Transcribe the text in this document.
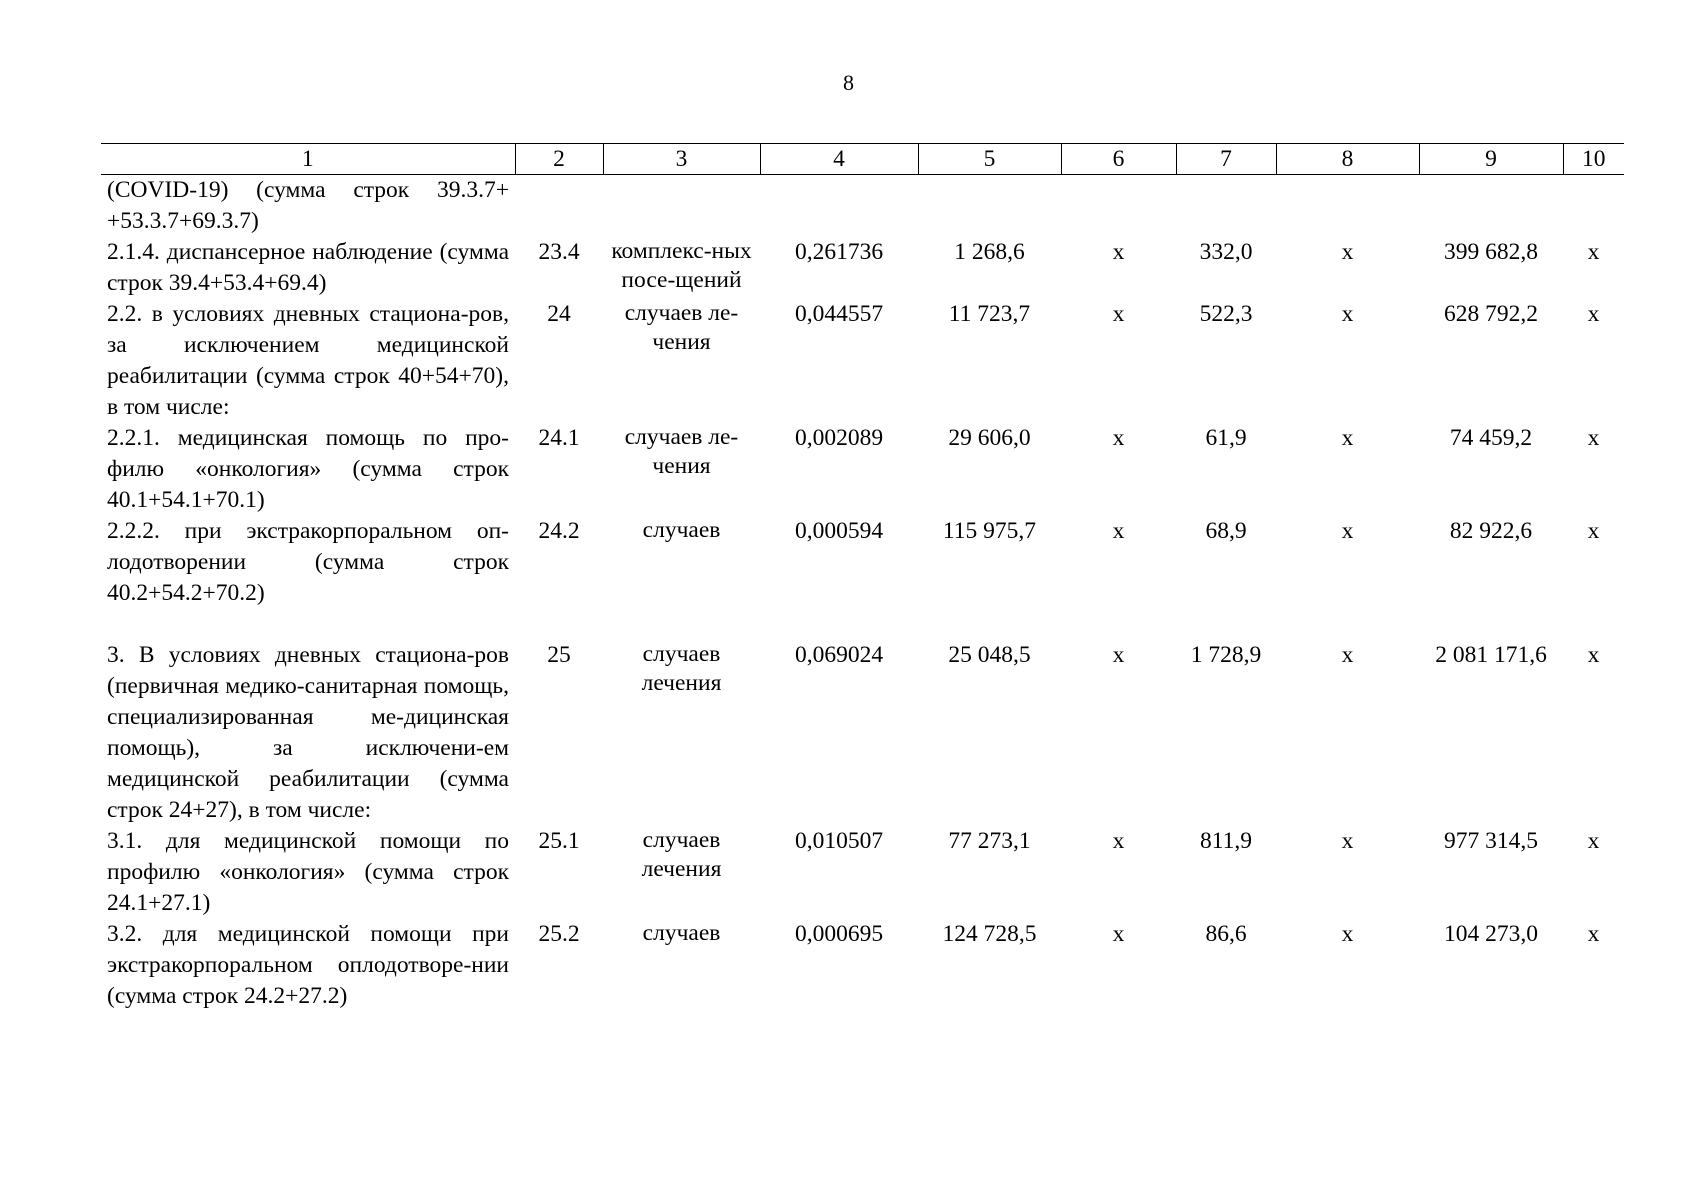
8
1	2	3	4	5	6	7	8	9	10
(COVID-19) (сумма строк 39.3.7+ +53.3.7+69.3.7)									
2.1.4. диспансерное наблюдение (сумма строк 39.4+53.4+69.4)	23.4	комплекс-ных посе-щений	0,261736	1 268,6	х	332,0	х	399 682,8	х
2.2. в условиях дневных стациона-ров, за исключением медицинской реабилитации (сумма строк 40+54+70), в том числе:	24	случаев ле-чения	0,044557	11 723,7	х	522,3	х	628 792,2	х
2.2.1. медицинская помощь по про-филю «онкология» (сумма строк 40.1+54.1+70.1)	24.1	случаев ле-чения	0,002089	29 606,0	х	61,9	х	74 459,2	х
2.2.2. при экстракорпоральном оп-лодотворении (сумма строк 40.2+54.2+70.2)	24.2	случаев	0,000594	115 975,7	х	68,9	х	82 922,6	х

3. В условиях дневных стациона-ров (первичная медико-санитарная помощь, специализированная ме-дицинская помощь), за исключени-ем медицинской реабилитации (сумма строк 24+27), в том числе:	25	случаев лечения	0,069024	25 048,5	х	1 728,9	х	2 081 171,6	х
3.1. для медицинской помощи по профилю «онкология» (сумма строк 24.1+27.1)	25.1	случаев лечения	0,010507	77 273,1	х	811,9	х	977 314,5	х
3.2. для медицинской помощи при экстракорпоральном оплодотворе-нии (сумма строк 24.2+27.2)	25.2	случаев	0,000695	124 728,5	х	86,6	х	104 273,0	х
